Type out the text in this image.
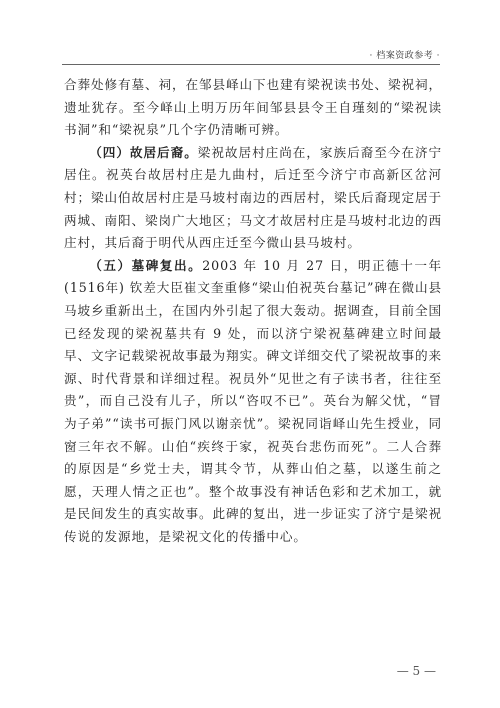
· 档案资政参考 ·

合葬处修有墓、祠，在邹县峄山下也建有梁祝读书处、梁祝祠，遗址犹存。至今峄山上明万历年间邹县县令王自瑾刻的“梁祝读书洞”和“梁祝泉”几个字仍清晰可辨。

（四）故居后裔。梁祝故居村庄尚在，家族后裔至今在济宁居住。祝英台故居村庄是九曲村，后迁至今济宁市高新区岔河村；梁山伯故居村庄是马坡村南边的西居村，梁氏后裔现定居于两城、南阳、梁岗广大地区；马文才故居村庄是马坡村北边的西庄村，其后裔于明代从西庄迁至今微山县马坡村。

（五）墓碑复出。2003 年 10 月 27 日，明正德十一年(1516年) 钦差大臣崔文奎重修“梁山伯祝英台墓记”碑在微山县马坡乡重新出土，在国内外引起了很大轰动。据调查，目前全国已经发现的梁祝墓共有 9 处，而以济宁梁祝墓碑建立时间最早、文字记载梁祝故事最为翔实。碑文详细交代了梁祝故事的来源、时代背景和详细过程。祝员外“见世之有子读书者，往往至贵”，而自己没有儿子，所以“咨叹不已”。英台为解父忧，“冒为子弟”“读书可振门风以谢亲忧”。梁祝同诣峄山先生授业，同窗三年衣不解。山伯“疾终于家，祝英台悲伤而死”。二人合葬的原因是“乡党士夫，谓其令节，从葬山伯之墓，以遂生前之愿，天理人情之正也”。整个故事没有神话色彩和艺术加工，就是民间发生的真实故事。此碑的复出，进一步证实了济宁是梁祝传说的发源地，是梁祝文化的传播中心。

— 5 —
